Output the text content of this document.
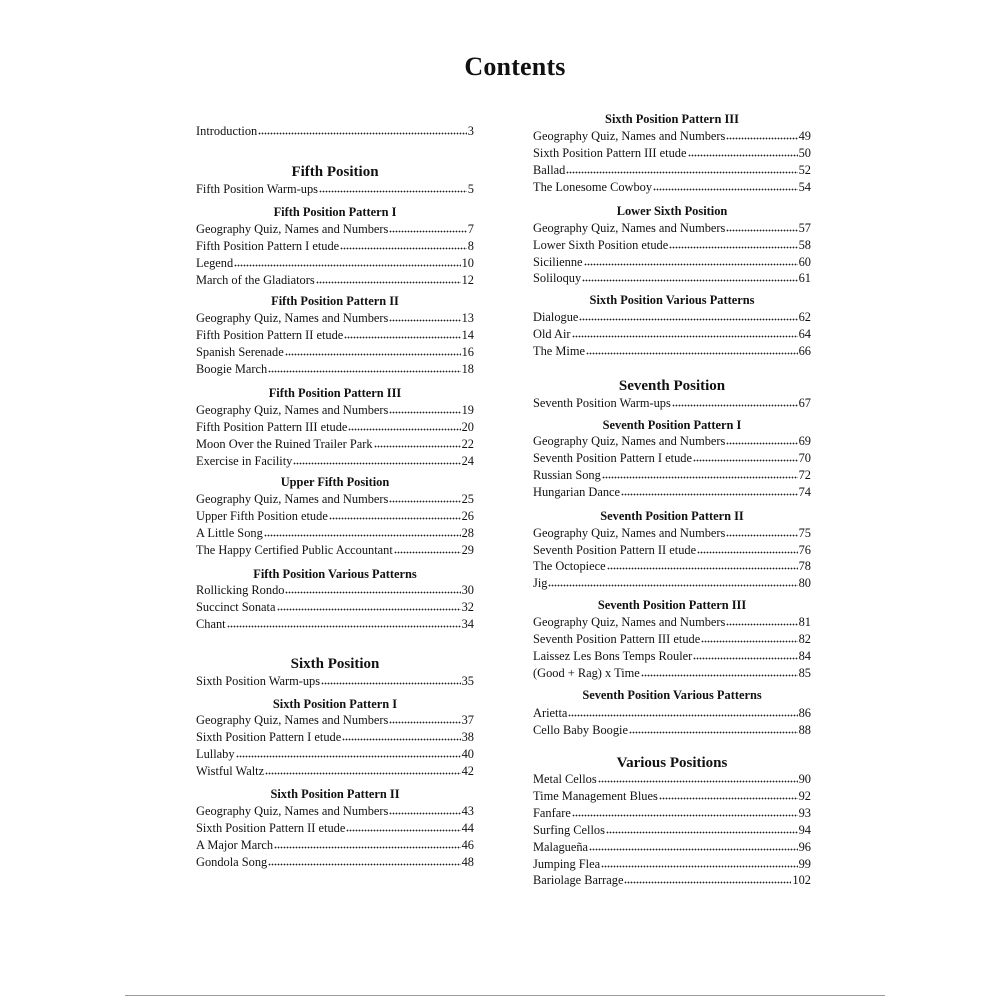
Contents
Introduction	3
Fifth Position
Fifth Position Warm-ups	5
Fifth Position Pattern I
Geography Quiz, Names and Numbers	7
Fifth Position Pattern I etude	8
Legend	10
March of the Gladiators	12
Fifth Position Pattern II
Geography Quiz, Names and Numbers	13
Fifth Position Pattern II etude	14
Spanish Serenade	16
Boogie March	18
Fifth Position Pattern III
Geography Quiz, Names and Numbers	19
Fifth Position Pattern III etude	20
Moon Over the Ruined Trailer Park	22
Exercise in Facility	24
Upper Fifth Position
Geography Quiz, Names and Numbers	25
Upper Fifth Position etude	26
A Little Song	28
The Happy Certified Public Accountant	29
Fifth Position Various Patterns
Rollicking Rondo	30
Succinct Sonata	32
Chant	34
Sixth Position
Sixth Position Warm-ups	35
Sixth Position Pattern I
Geography Quiz, Names and Numbers	37
Sixth Position Pattern I etude	38
Lullaby	40
Wistful Waltz	42
Sixth Position Pattern II
Geography Quiz, Names and Numbers	43
Sixth Position Pattern II etude	44
A Major March	46
Gondola Song	48
Sixth Position Pattern III
Geography Quiz, Names and Numbers	49
Sixth Position Pattern III etude	50
Ballad	52
The Lonesome Cowboy	54
Lower Sixth Position
Geography Quiz, Names and Numbers	57
Lower Sixth Position etude	58
Sicilienne	60
Soliloquy	61
Sixth Position Various Patterns
Dialogue	62
Old Air	64
The Mime	66
Seventh Position
Seventh Position Warm-ups	67
Seventh Position Pattern I
Geography Quiz, Names and Numbers	69
Seventh Position Pattern I etude	70
Russian Song	72
Hungarian Dance	74
Seventh Position Pattern II
Geography Quiz, Names and Numbers	75
Seventh Position Pattern II etude	76
The Octopiece	78
Jig	80
Seventh Position Pattern III
Geography Quiz, Names and Numbers	81
Seventh Position Pattern III etude	82
Laissez Les Bons Temps Rouler	84
(Good + Rag) x Time	85
Seventh Position Various Patterns
Arietta	86
Cello Baby Boogie	88
Various Positions
Metal Cellos	90
Time Management Blues	92
Fanfare	93
Surfing Cellos	94
Malagueña	96
Jumping Flea	99
Bariolage Barrage	102
